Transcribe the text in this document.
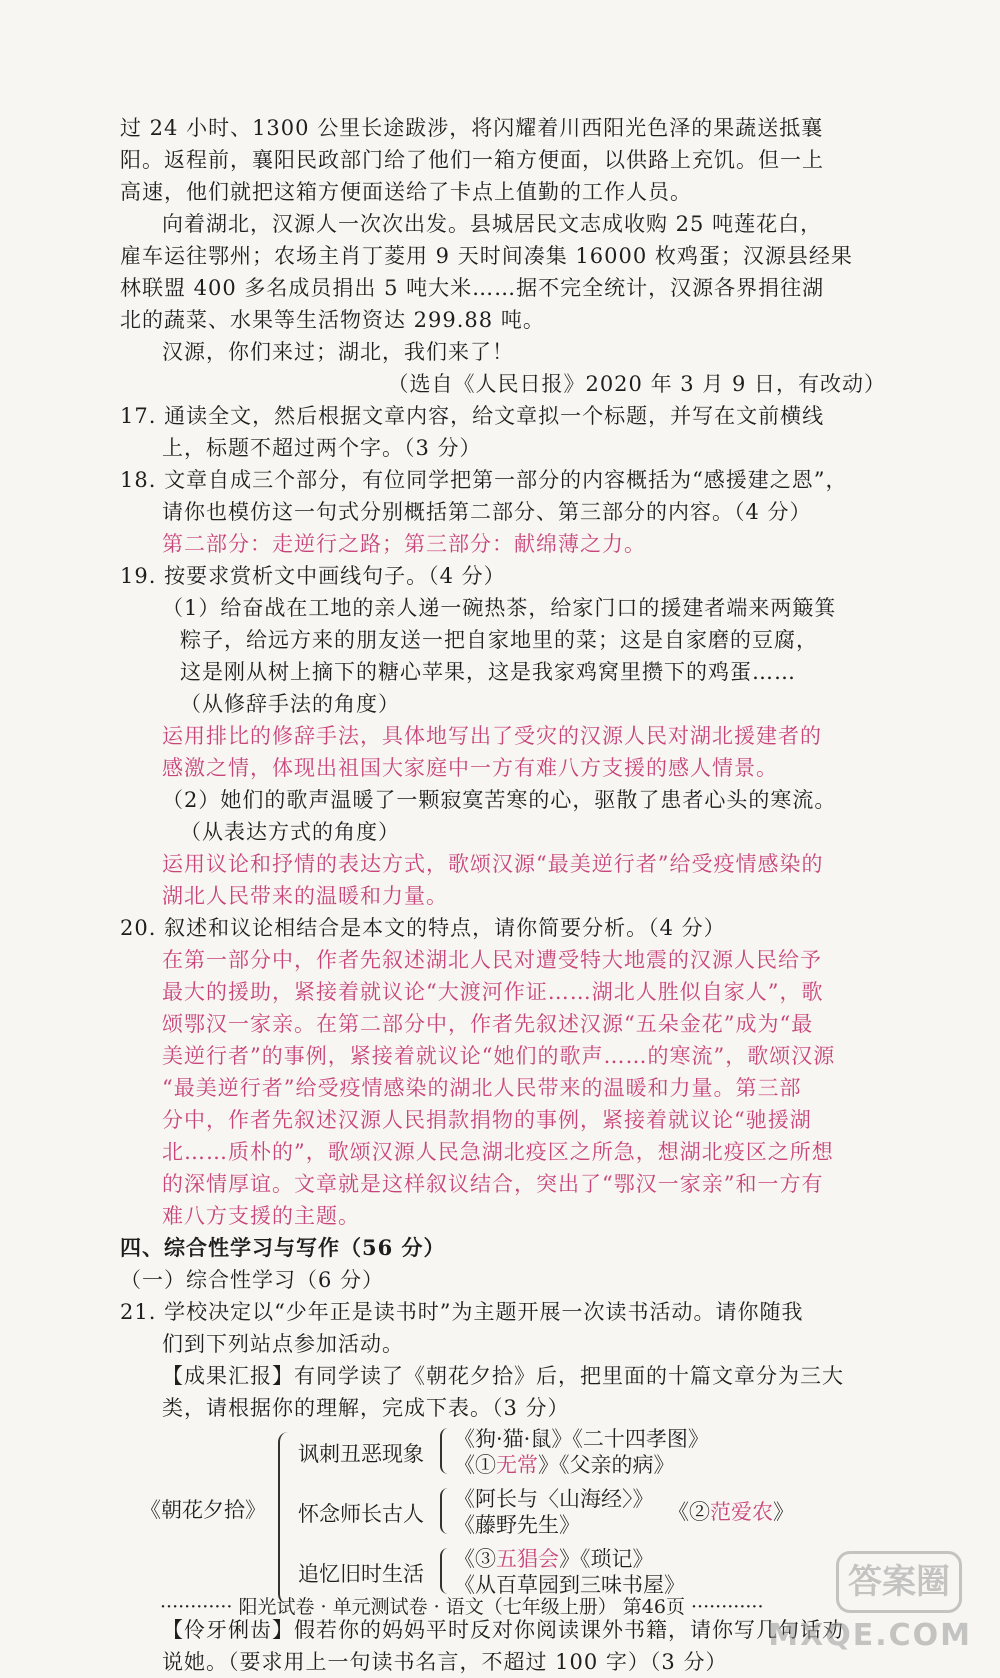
过 24 小时、1300 公里长途跋涉，将闪耀着川西阳光色泽的果蔬送抵襄
阳。返程前，襄阳民政部门给了他们一箱方便面，以供路上充饥。但一上
高速，他们就把这箱方便面送给了卡点上值勤的工作人员。
向着湖北，汉源人一次次出发。县城居民文志成收购 25 吨莲花白，
雇车运往鄂州；农场主肖丁菱用 9 天时间凑集 16000 枚鸡蛋；汉源县经果
林联盟 400 多名成员捐出 5 吨大米……据不完全统计，汉源各界捐往湖
北的蔬菜、水果等生活物资达 299.88 吨。
汉源，你们来过；湖北，我们来了！
（选自《人民日报》2020 年 3 月 9 日，有改动）
17. 通读全文，然后根据文章内容，给文章拟一个标题，并写在文前横线
上，标题不超过两个字。（3 分）
18. 文章自成三个部分，有位同学把第一部分的内容概括为“感援建之恩”，
请你也模仿这一句式分别概括第二部分、第三部分的内容。（4 分）
第二部分：走逆行之路；第三部分：献绵薄之力。
19. 按要求赏析文中画线句子。（4 分）
（1）给奋战在工地的亲人递一碗热茶，给家门口的援建者端来两簸箕
粽子，给远方来的朋友送一把自家地里的菜；这是自家磨的豆腐，
这是刚从树上摘下的糖心苹果，这是我家鸡窝里攒下的鸡蛋……
（从修辞手法的角度）
运用排比的修辞手法，具体地写出了受灾的汉源人民对湖北援建者的
感激之情，体现出祖国大家庭中一方有难八方支援的感人情景。
（2）她们的歌声温暖了一颗寂寞苦寒的心，驱散了患者心头的寒流。
（从表达方式的角度）
运用议论和抒情的表达方式，歌颂汉源“最美逆行者”给受疫情感染的
湖北人民带来的温暖和力量。
20. 叙述和议论相结合是本文的特点，请你简要分析。（4 分）
在第一部分中，作者先叙述湖北人民对遭受特大地震的汉源人民给予
最大的援助，紧接着就议论“大渡河作证……湖北人胜似自家人”，歌
颂鄂汉一家亲。在第二部分中，作者先叙述汉源“五朵金花”成为“最
美逆行者”的事例，紧接着就议论“她们的歌声……的寒流”，歌颂汉源
“最美逆行者”给受疫情感染的湖北人民带来的温暖和力量。第三部
分中，作者先叙述汉源人民捐款捐物的事例，紧接着就议论“驰援湖
北……质朴的”，歌颂汉源人民急湖北疫区之所急，想湖北疫区之所想
的深情厚谊。文章就是这样叙议结合，突出了“鄂汉一家亲”和一方有
难八方支援的主题。
四、综合性学习与写作（56 分）
（一）综合性学习（6 分）
21. 学校决定以“少年正是读书时”为主题开展一次读书活动。请你随我
们到下列站点参加活动。
【成果汇报】有同学读了《朝花夕拾》后，把里面的十篇文章分为三大
类，请根据你的理解，完成下表。（3 分）
《朝花夕拾》
讽刺丑恶现象
《狗·猫·鼠》《二十四孝图》
《①无常》《父亲的病》
怀念师长古人
《阿长与〈山海经〉》
《藤野先生》
《②范爱农》
追忆旧时生活
《③五猖会》《琐记》
《从百草园到三味书屋》
【伶牙俐齿】假若你的妈妈平时反对你阅读课外书籍，请你写几句话劝
说她。（要求用上一句读书名言，不超过 100 字）（3 分）
············ 阳光试卷 · 单元测试卷 · 语文（七年级上册） 第46页 ············
答案圈
MXQE.COM
